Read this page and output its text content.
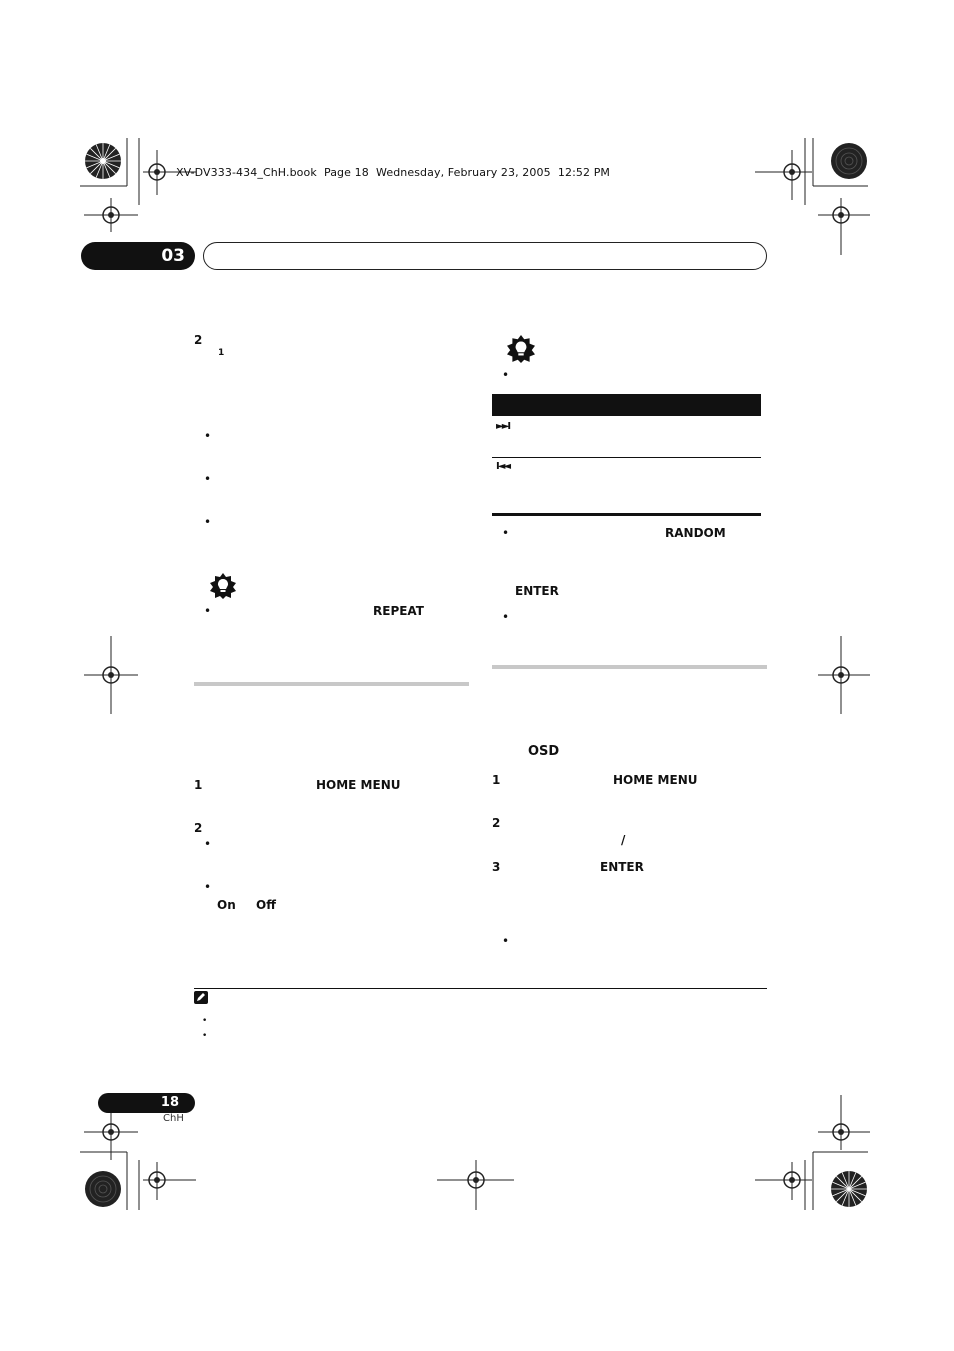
XV-DV333-434_ChH.book  Page 18  Wednesday, February 23, 2005  12:52 PM
03
2
1
•
•
•
•	REPEAT
1	HOME MENU
2
•
•
On Off
•
►►I
I◄◄
•	RANDOM
ENTER
•
OSD
1	HOME MENU
2
/
3	ENTER
•
•
•
18
ChH
